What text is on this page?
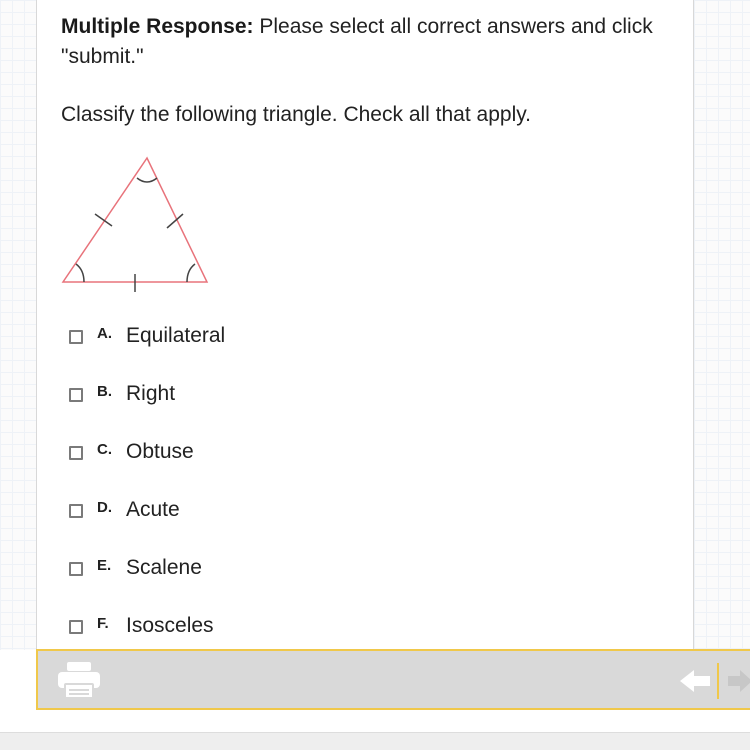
Multiple Response: Please select all correct answers and click "submit."
Classify the following triangle. Check all that apply.
A. Equilateral
B. Right
C. Obtuse
D. Acute
E. Scalene
F. Isosceles
